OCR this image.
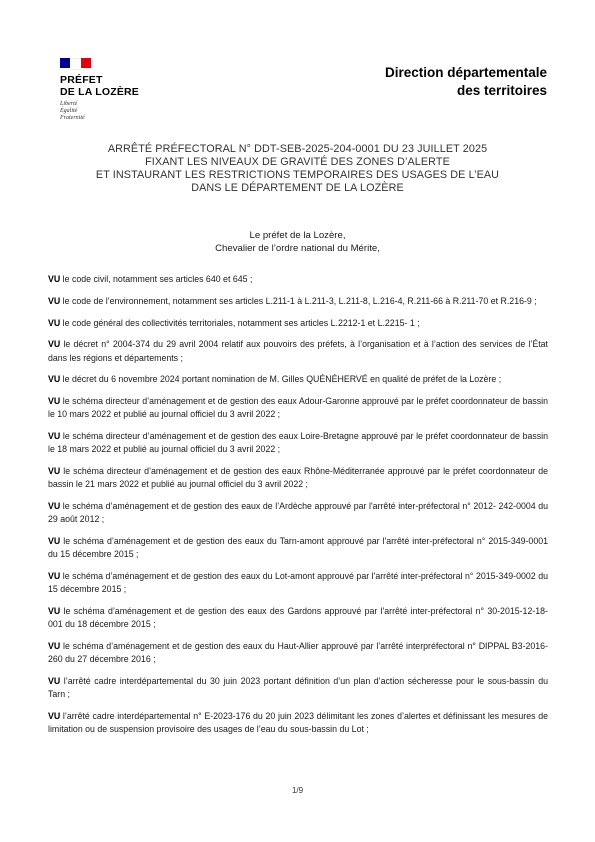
PRÉFET
DE LA LOZÈRE
Liberté
Égalité
Fraternité
Direction départementale
des territoires
ARRÊTÉ PRÉFECTORAL N° DDT-SEB-2025-204-0001 DU 23 JUILLET 2025
FIXANT LES NIVEAUX DE GRAVITÉ DES ZONES D’ALERTE
ET INSTAURANT LES RESTRICTIONS TEMPORAIRES DES USAGES DE L’EAU
DANS LE DÉPARTEMENT DE LA LOZÈRE
Le préfet de la Lozère,
Chevalier de l’ordre national du Mérite,

VU le code civil, notamment ses articles 640 et 645 ;

VU le code de l’environnement, notamment ses articles L.211-1 à L.211-3, L.211-8, L.216-4, R.211-66 à R.211-70 et R.216-9 ;

VU le code général des collectivités territoriales, notamment ses articles L.2212-1 et L.2215- 1 ;

VU le décret n° 2004-374 du 29 avril 2004 relatif aux pouvoirs des préfets, à l’organisation et à l’action des services de l’État dans les régions et départements ;

VU le décret du 6 novembre 2024 portant nomination de M. Gilles QUÉNÉHERVÉ en qualité de préfet de la Lozère ;

VU le schéma directeur d’aménagement et de gestion des eaux Adour-Garonne approuvé par le préfet coordonnateur de bassin le 10 mars 2022 et publié au journal officiel du 3 avril 2022 ;

VU le schéma directeur d’aménagement et de gestion des eaux Loire-Bretagne approuvé par le préfet coordonnateur de bassin le 18 mars 2022 et publié au journal officiel du 3 avril 2022 ;

VU le schéma directeur d’aménagement et de gestion des eaux Rhône-Méditerranée approuvé par le préfet coordonnateur de bassin le 21 mars 2022 et publié au journal officiel du 3 avril 2022 ;

VU le schéma d’aménagement et de gestion des eaux de l’Ardèche approuvé par l'arrêté inter-préfectoral n° 2012- 242-0004 du 29 août 2012 ;

VU le schéma d’aménagement et de gestion des eaux du Tarn-amont approuvé par l'arrêté inter-préfectoral n° 2015-349-0001 du 15 décembre 2015 ;

VU le schéma d’aménagement et de gestion des eaux du Lot-amont approuvé par l'arrêté inter-préfectoral n° 2015-349-0002 du 15 décembre 2015 ;

VU le schéma d’aménagement et de gestion des eaux des Gardons approuvé par l'arrêté inter-préfectoral n° 30-2015-12-18-001 du 18 décembre 2015 ;

VU le schéma d’aménagement et de gestion des eaux du Haut-Allier approuvé par l’arrêté interpréfectoral n° DIPPAL B3-2016-260 du 27 décembre 2016 ;

VU l’arrêté cadre interdépartemental du 30 juin 2023 portant définition d’un plan d’action sécheresse pour le sous-bassin du Tarn ;

VU l’arrêté cadre interdépartemental n° E-2023-176 du 20 juin 2023 délimitant les zones d’alertes et définissant les mesures de limitation ou de suspension provisoire des usages de l’eau du sous-bassin du Lot ;

1/9
